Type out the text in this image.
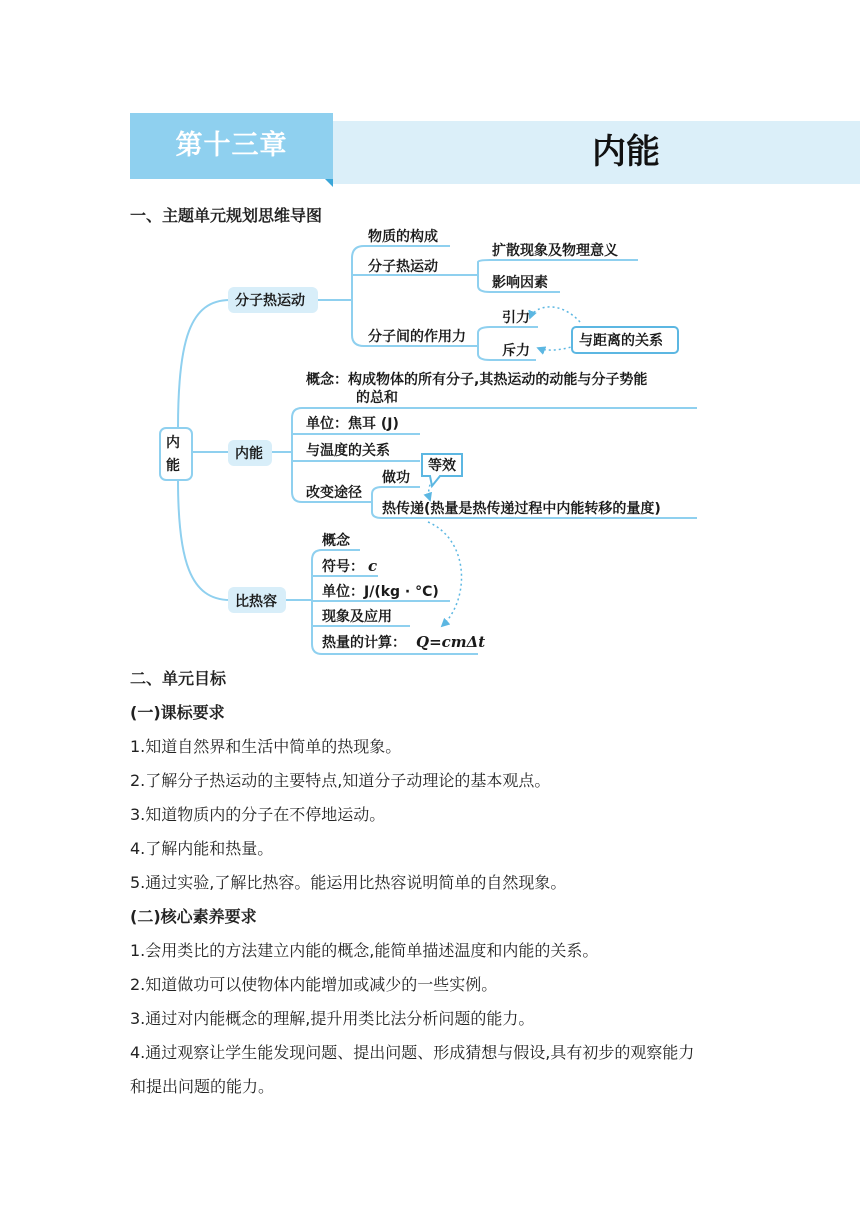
第十三章	内能
一、主题单元规划思维导图
内
能
分子热运动
物质的构成
分子热运动
扩散现象及物理意义
影响因素
分子间的作用力
引力
斥力
与距离的关系
内能
概念：构成物体的所有分子,其热运动的动能与分子势能
的总和
单位：焦耳 (J)
与温度的关系
改变途径
做功
等效
热传递(热量是热传递过程中内能转移的量度)
比热容
概念
符号： c
单位：J/(kg · °C)
现象及应用
热量的计算： Q=cmΔt
二、单元目标
(一)课标要求
1.知道自然界和生活中简单的热现象。
2.了解分子热运动的主要特点,知道分子动理论的基本观点。
3.知道物质内的分子在不停地运动。
4.了解内能和热量。
5.通过实验,了解比热容。能运用比热容说明简单的自然现象。
(二)核心素养要求
1.会用类比的方法建立内能的概念,能简单描述温度和内能的关系。
2.知道做功可以使物体内能增加或减少的一些实例。
3.通过对内能概念的理解,提升用类比法分析问题的能力。
4.通过观察让学生能发现问题、提出问题、形成猜想与假设,具有初步的观察能力
和提出问题的能力。
